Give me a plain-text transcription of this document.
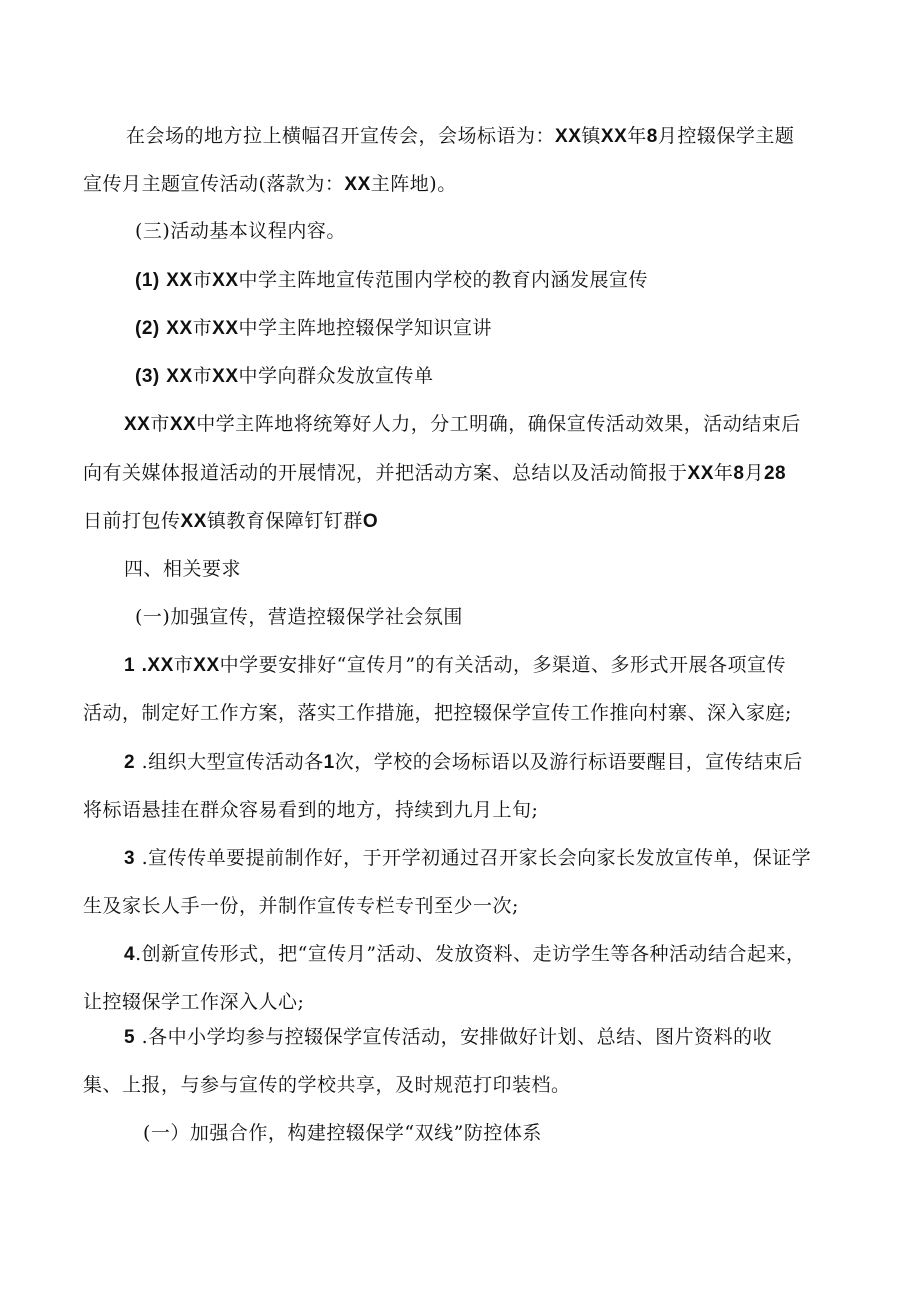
在会场的地方拉上横幅召开宣传会，会场标语为：XX镇XX年8月控辍保学主题
宣传月主题宣传活动(落款为：XX主阵地)。
(三)活动基本议程内容。
(1) XX市XX中学主阵地宣传范围内学校的教育内涵发展宣传
(2) XX市XX中学主阵地控辍保学知识宣讲
(3) XX市XX中学向群众发放宣传单
XX市XX中学主阵地将统筹好人力，分工明确，确保宣传活动效果，活动结束后
向有关媒体报道活动的开展情况，并把活动方案、总结以及活动简报于XX年8月28
日前打包传XX镇教育保障钉钉群O
四、相关要求
(一)加强宣传，营造控辍保学社会氛围
1 .XX市XX中学要安排好“宣传月”的有关活动，多渠道、多形式开展各项宣传
活动，制定好工作方案，落实工作措施，把控辍保学宣传工作推向村寨、深入家庭;
2 .组织大型宣传活动各1次，学校的会场标语以及游行标语要醒目，宣传结束后
将标语悬挂在群众容易看到的地方，持续到九月上旬;
3 .宣传传单要提前制作好，于开学初通过召开家长会向家长发放宣传单，保证学
生及家长人手一份，并制作宣传专栏专刊至少一次;
4.创新宣传形式，把“宣传月”活动、发放资料、走访学生等各种活动结合起来，
让控辍保学工作深入人心;
5 .各中小学均参与控辍保学宣传活动，安排做好计划、总结、图片资料的收
集、上报，与参与宣传的学校共享，及时规范打印装档。
(一）加强合作，构建控辍保学“双线”防控体系
